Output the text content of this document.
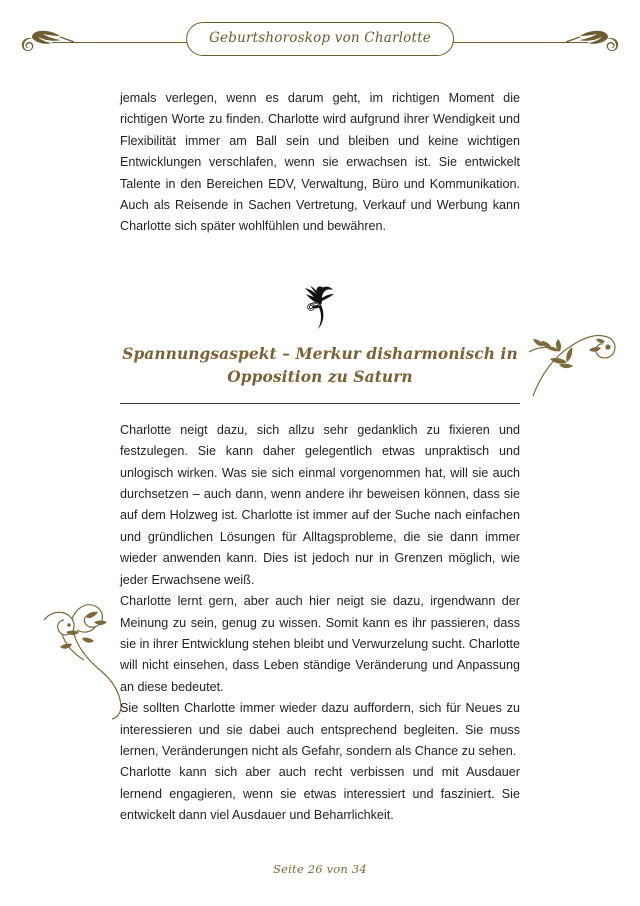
Geburtshoroskop von Charlotte

jemals verlegen, wenn es darum geht, im richtigen Moment die richtigen Worte zu finden. Charlotte wird aufgrund ihrer Wendigkeit und Flexibilität immer am Ball sein und bleiben und keine wichtigen Entwicklungen verschlafen, wenn sie erwachsen ist. Sie entwickelt Talente in den Bereichen EDV, Verwaltung, Büro und Kommunikation. Auch als Reisende in Sachen Vertretung, Verkauf und Werbung kann Charlotte sich später wohlfühlen und bewähren.

Spannungsaspekt – Merkur disharmonisch in Opposition zu Saturn

Charlotte neigt dazu, sich allzu sehr gedanklich zu fixieren und festzulegen. Sie kann daher gelegentlich etwas unpraktisch und unlogisch wirken. Was sie sich einmal vorgenommen hat, will sie auch durchsetzen – auch dann, wenn andere ihr beweisen können, dass sie auf dem Holzweg ist. Charlotte ist immer auf der Suche nach einfachen und gründlichen Lösungen für Alltagsprobleme, die sie dann immer wieder anwenden kann. Dies ist jedoch nur in Grenzen möglich, wie jeder Erwachsene weiß.

Charlotte lernt gern, aber auch hier neigt sie dazu, irgendwann der Meinung zu sein, genug zu wissen. Somit kann es ihr passieren, dass sie in ihrer Entwicklung stehen bleibt und Verwurzelung sucht. Charlotte will nicht einsehen, dass Leben ständige Veränderung und Anpassung an diese bedeutet.

Sie sollten Charlotte immer wieder dazu auffordern, sich für Neues zu interessieren und sie dabei auch entsprechend begleiten. Sie muss lernen, Veränderungen nicht als Gefahr, sondern als Chance zu sehen.

Charlotte kann sich aber auch recht verbissen und mit Ausdauer lernend engagieren, wenn sie etwas interessiert und fasziniert. Sie entwickelt dann viel Ausdauer und Beharrlichkeit.

Seite 26 von 34
